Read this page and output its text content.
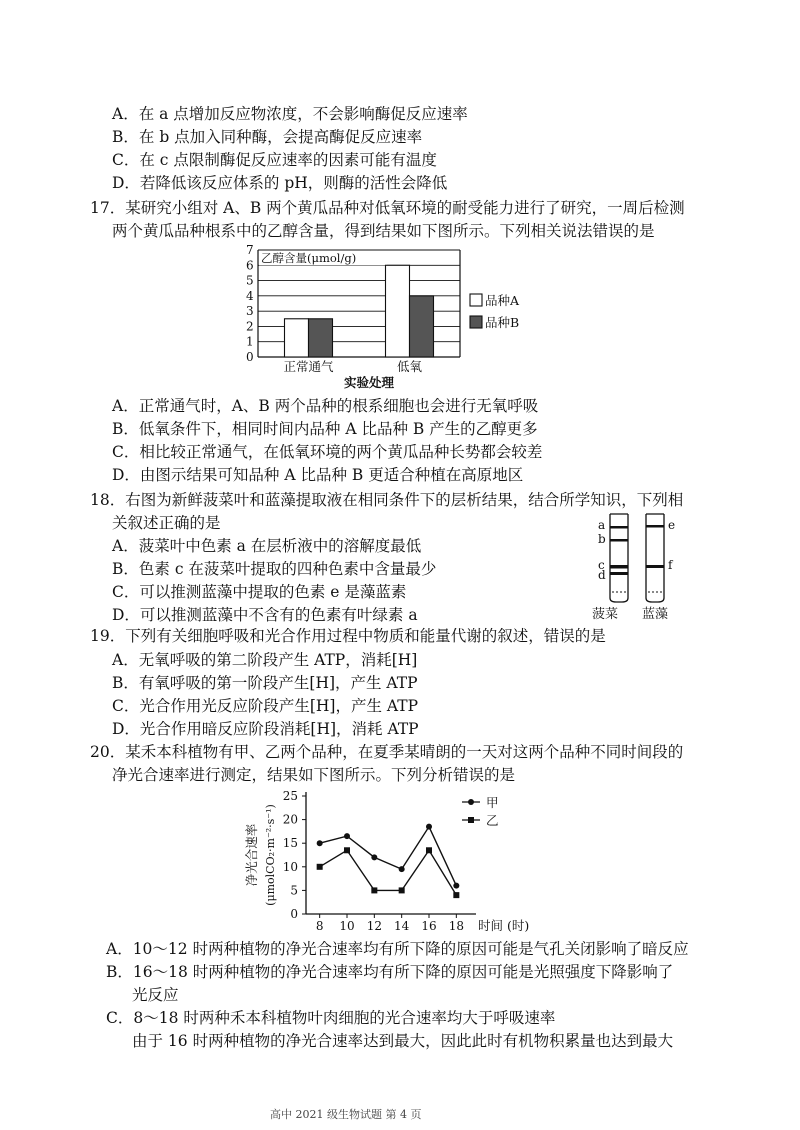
A．在 a 点增加反应物浓度，不会影响酶促反应速率
B．在 b 点加入同种酶，会提高酶促反应速率
C．在 c 点限制酶促反应速率的因素可能有温度
D．若降低该反应体系的 pH，则酶的活性会降低
17．某研究小组对 A、B 两个黄瓜品种对低氧环境的耐受能力进行了研究，一周后检测
两个黄瓜品种根系中的乙醇含量，得到结果如下图所示。下列相关说法错误的是
0
1
2
3
4
5
6
7
乙醇含量(μmol/g)
正常通气	低氧
实验处理
品种A
品种B
A．正常通气时，A、B 两个品种的根系细胞也会进行无氧呼吸
B．低氧条件下，相同时间内品种 A 比品种 B 产生的乙醇更多
C．相比较正常通气，在低氧环境的两个黄瓜品种长势都会较差
D．由图示结果可知品种 A 比品种 B 更适合种植在高原地区
18．右图为新鲜菠菜叶和蓝藻提取液在相同条件下的层析结果，结合所学知识，下列相
关叙述正确的是
A．菠菜叶中色素 a 在层析液中的溶解度最低
B．色素 c 在菠菜叶提取的四种色素中含量最少
C．可以推测蓝藻中提取的色素 e 是藻蓝素
D．可以推测蓝藻中不含有的色素有叶绿素 a
a
b
c
d
e
f
菠菜 蓝藻
19．下列有关细胞呼吸和光合作用过程中物质和能量代谢的叙述，错误的是
A．无氧呼吸的第二阶段产生 ATP，消耗[H]
B．有氧呼吸的第一阶段产生[H]，产生 ATP
C．光合作用光反应阶段产生[H]，产生 ATP
D．光合作用暗反应阶段消耗[H]，消耗 ATP
20．某禾本科植物有甲、乙两个品种，在夏季某晴朗的一天对这两个品种不同时间段的
净光合速率进行测定，结果如下图所示。下列分析错误的是
0
5
10
15
20
25
8 10 12 14 16 18 时间 (时)
净光合速率 (μmolCO₂·m⁻²·s⁻¹)
甲
乙
A．10～12 时两种植物的净光合速率均有所下降的原因可能是气孔关闭影响了暗反应
B．16～18 时两种植物的净光合速率均有所下降的原因可能是光照强度下降影响了
光反应
C．8～18 时两种禾本科植物叶肉细胞的光合速率均大于呼吸速率
由于 16 时两种植物的净光合速率达到最大，因此此时有机物积累量也达到最大
高中 2021 级生物试题 第 4 页
